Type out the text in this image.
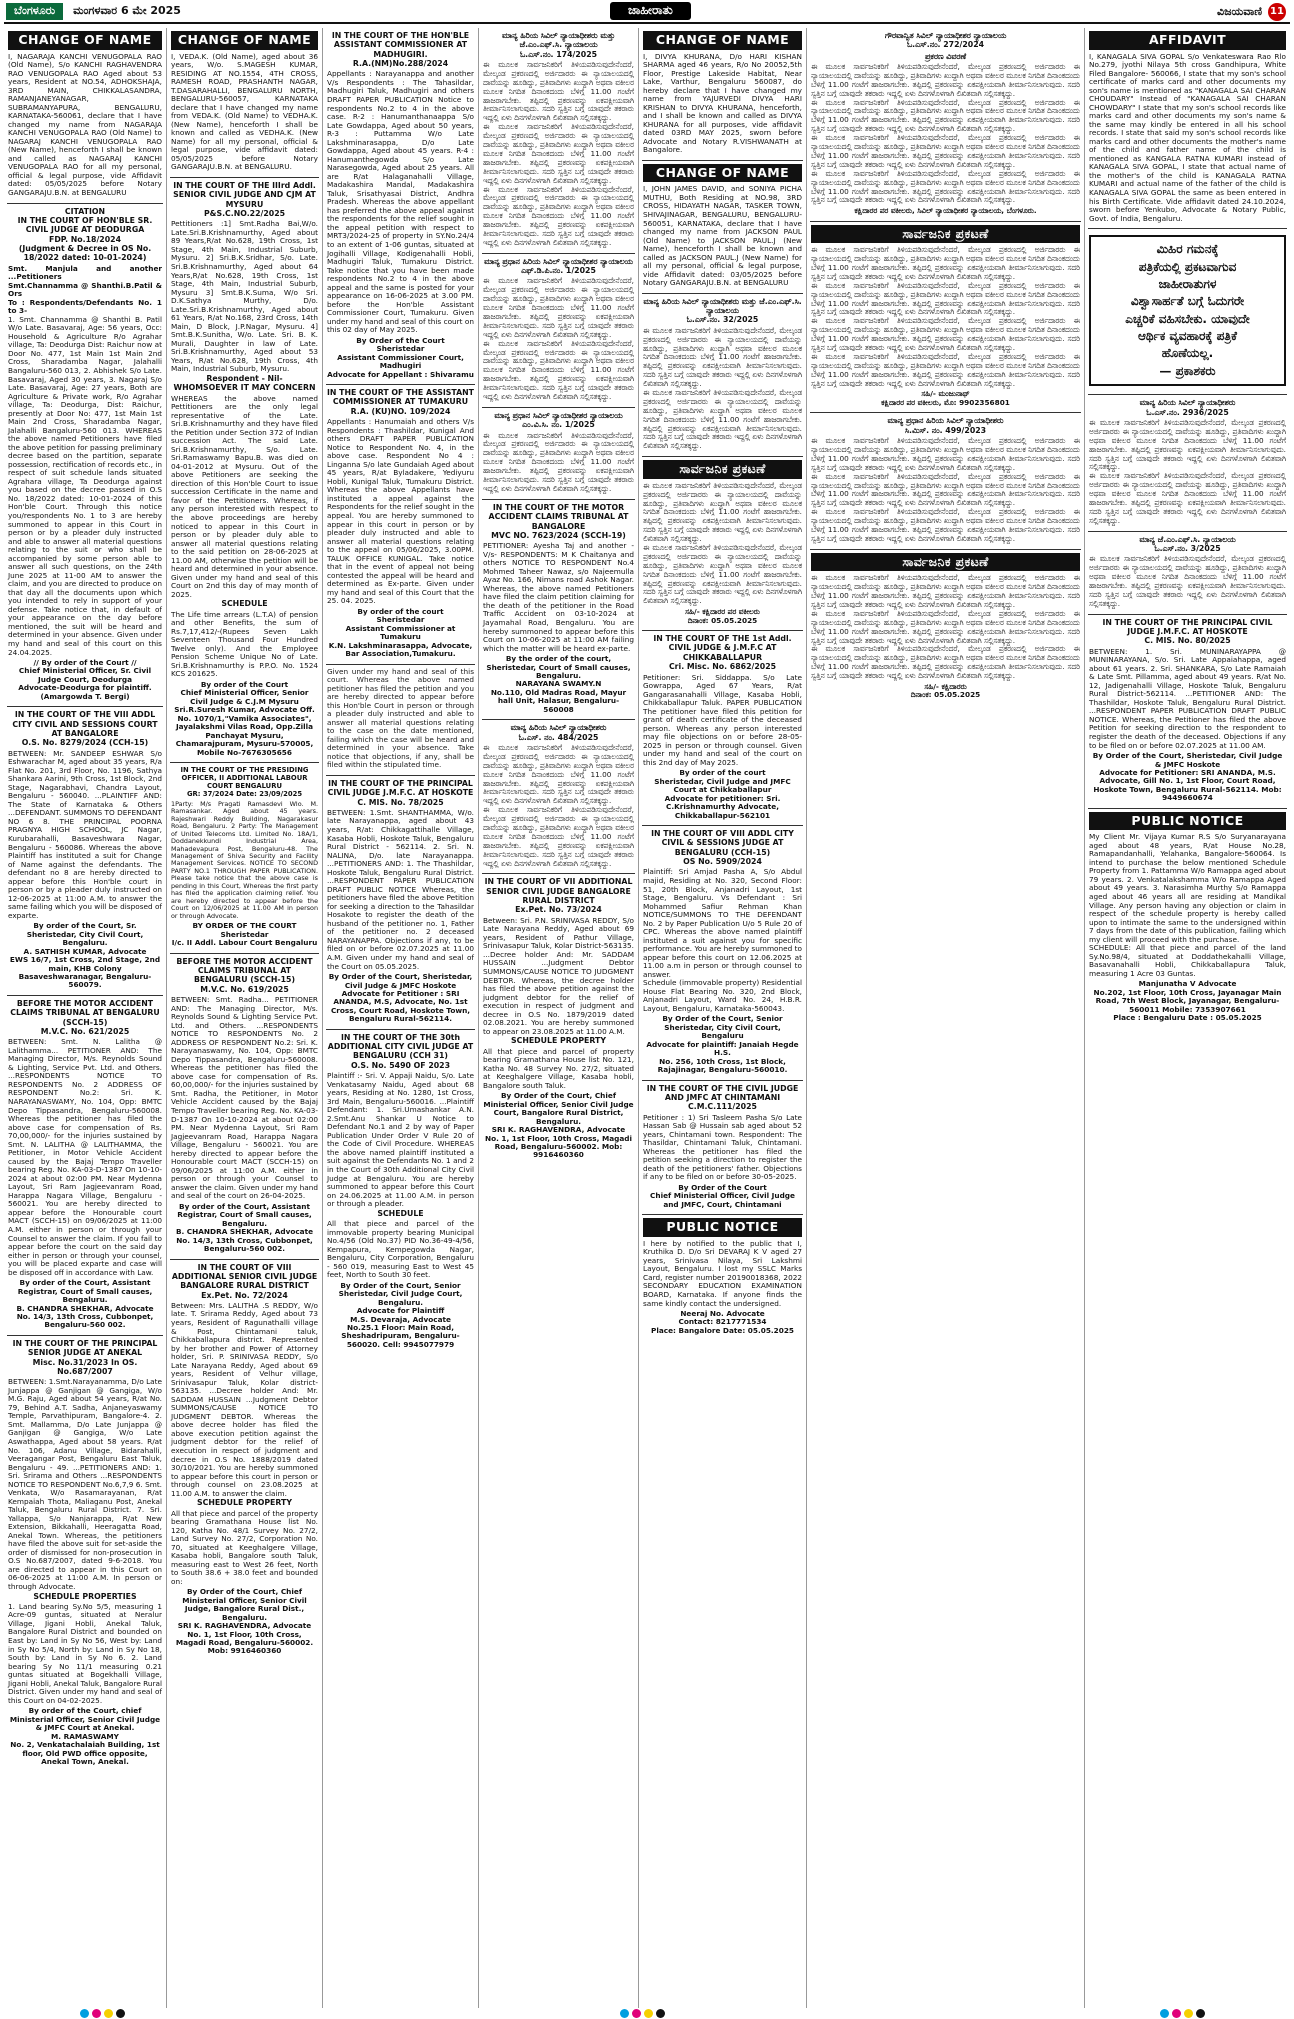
ಬೆಂಗಳೂರು	ಮಂಗಳವಾರ 6 ಮೇ 2025	ಜಾಹೀರಾತು	ವಿಜಯವಾಣಿ 11
CHANGE OF NAME
I, NAGARAJA KANCHI VENUGOPALA RAO (Old Name), S/o KANCHI RAGHAVENDRA RAO VENUGOPALA RAO Aged about 53 years, Resident at NO.54, ADHOKSHAJA, 3RD MAIN, CHIKKALASANDRA, RAMANJANEYANAGAR, SUBRAMANYAPURA, BENGALURU, KARNATAKA-560061, declare that I have changed my name from NAGARAJA KANCHI VENUGOPALA RAO (Old Name) to NAGARAJ KANCHI VENUGOPALA RAO (New Name), henceforth I shall be known and called as NAGARAJ KANCHI VENUGOPALA RAO for all my personal, official & legal purpose, vide Affidavit dated: 05/05/2025 before Notary GANGARAJU.B.N. at BENGALURU
CITATION
IN THE COURT OF HON'BLE SR. CIVIL JUDGE AT DEODURGA
FDP. No.18/2024
(Judgment & Decree in OS No. 18/2022 dated: 10-01-2024)
Smt. Manjula and another ...Petitioners
Smt.Channamma @ Shanthi.B.Patil & Ors
To : Respondents/Defendants No. 1 to 3-
1. Smt. Channamma @ Shanthi B. Patil W/o Late. Basavaraj, Age: 56 years, Occ: Household & Agriculture R/o Agrahar village, Ta: Deodurga Dist: Raichur now at Door No. 477, 1st Main 1st Main 2nd Cross, Sharadamba Nagar, Jalahalli Bangaluru-560 013, 2. Abhishek S/o Late. Basavaraj, Aged 30 years, 3. Nagaraj S/o Late. Basavaraj, Age: 27 years, Both are Agriculture & Private work, R/o Agrahar village, Ta: Deodurga, Dist: Raichur, presently at Door No: 477, 1st Main 1st Main 2nd Cross, Sharadamba Nagar, Jalahalli Bangaluru-560 013. WHEREAS the above named Petitioners have filed the above petition for passing preliminary decree based on the partition, separate possession, rectification of records etc., in respect of suit schedule lands situated Agrahara village, Ta Deodurga against you based on the decree passed in O.S No. 18/2022 dated: 10-01-2024 of this Hon'ble Court. Through this notice you/respondents No. 1 to 3 are hereby summoned to appear in this Court in person or by a pleader duly instructed and able to answer all material questions relating to the suit or who shall be accompanied by some person able to answer all such questions, on the 24th June 2025 at 11-00 AM to answer the claim, and you are directed to produce on that day all the documents upon which you intended to rely in support of your defense. Take notice that, in default of your appearance on the day before mentioned, the suit will be heard and determined in your absence. Given under my hand and seal of this court on this 24.04.2025.
// By order of the Court //
Chief Ministerial Officer, Sr. Civil Judge Court, Deodurga
Advocate-Deodurga for plaintiff.
(Amargowda T. Bergi)
IN THE COURT OF THE VIII ADDL CITY CIVIL AND SESSIONS COURT AT BANGALORE
O.S. No. 8279/2024 (CCH-15)
BETWEEN: Mr. SANDEEP ESHWAR S/o Eshwarachar M, aged about 35 years, R/a Flat No. 201, 3rd Floor, No. 1196, Sathya Shankara Aarini, 9th Cross, 1st Block, 2nd Stage, Nagarabhavi, Chandra Layout, Bengaluru - 560040. ...PLAINTIFF AND: The State of Karnataka & Others ...DEFENDANT. SUMMONS TO DEFENDANT NO 6 8. THE PRINCIPAL POORNA PRAGNYA HIGH SCHOOL, JC Nagar, Kurubarahalli, Basaveshwara Nagar, Bengaluru - 560086. Whereas the above Plaintiff has instituted a suit for Change of Name against the defendants. The defendant no 8 are hereby directed to appear before this Hon'ble court in person or by a pleader duly instructed on 12-06-2025 at 11:00 A.M. to answer the same failing which you will be disposed of exparte.
By order of the Court, Sr. Sheristedar, City Civil Court, Bengaluru.
A. SATHISH KUMAR, Advocate
EWS 16/7, 1st Cross, 2nd Stage, 2nd main, KHB Colony Basaveshwaranagar, Bengaluru-560079.
BEFORE THE MOTOR ACCIDENT CLAIMS TRIBUNAL AT BENGALURU (SCCH-15)
M.V.C. No. 621/2025
BETWEEN: Smt. N. Lalitha @ Lalithamma... PETITIONER AND: The Managing Director, M/s. Reynolds Sound & Lighting, Service Pvt. Ltd. and Others. ...RESPONDENTS NOTICE TO RESPONDENTS No. 2 ADDRESS OF RESPONDENT No.2: Sri. K. NARAYANASWAMY, No. 104, Opp: BMTC Depo Tippasandra, Bengaluru-560008. Whereas the petitioner has filed the above case for compensation of Rs. 70,00,000/- for the injuries sustained by Smt. N. LALITHA @ LALITHAMMA, the Petitioner, in Motor Vehicle Accident caused by the Bajaj Tempo Traveller bearing Reg. No. KA-03-D-1387 On 10-10-2024 at about 02:00 PM. Near Mydenna Layout, Sri Ram Jagjeevanram Road, Harappa Nagara Village, Bengaluru - 560021. You are hereby directed to appear before the Honourable court MACT (SCCH-15) on 09/06/2025 at 11:00 A.M. either in person or through your Counsel to answer the claim. If you fail to appear before the court on the said day either in person or through your counsel, you will be placed exparte and case will be disposed off in accordance with Law.
By order of the Court, Assistant Registrar, Court of Small causes, Bengaluru.
B. CHANDRA SHEKHAR, Advocate
No. 14/3, 13th Cross, Cubbonpet, Bengaluru-560 002.
IN THE COURT OF THE PRINCIPAL SENIOR JUDGE AT ANEKAL
Misc. No.31/2023 In OS. No.687/2007
BETWEEN: 1.Smt.Narayanamma, D/o Late Junjappa @ Ganjigan @ Gangiga, W/o M.G. Raju, Aged about 54 years, R/at No. 79, Behind A.T. Sadha, Anjaneyaswamy Temple, Parvathipuram, Bangalore-4. 2. Smt. Mallamma, D/o Late Junjappa @ Ganjigan @ Gangiga, W/o Late Aswathappa, Aged about 58 years. R/at No. 106, Adanu Village, Bidarahalli, Veeragangar Post, Bengaluru East Taluk, Bengaluru - 49. ...PETITIONERS AND: 1. Sri. Srirama and Others ...RESPONDENTS NOTICE TO RESPONDENT No.6,7,9 6. Smt. Venkata, W/o Rasamarayanan, R/at Kempaiah Thota, Maliaganu Post, Anekal Taluk, Bengaluru Rural District. 7. Sri. Yallappa, S/o Nanjarappa, R/at New Extension, Bikkahalli, Heeragatta Road, Anekal Town. Whereas, the petitioners have filed the above suit for set-aside the order of dismissed for non-prosecution in O.S No.687/2007, dated 9-6-2018. You are directed to appear in this Court on 06-06-2025 at 11:00 A.M. In person or through Advocate.
SCHEDULE PROPERTIES
1. Land bearing Sy.No 5/5, measuring 1 Acre-09 guntas, situated at Neralur Village, Jigani Hobli, Anekal Taluk, Bangalore Rural District and bounded on East by: Land in Sy No 56, West by: Land in Sy No 5/4, North by: Land in Sy No 18, South by: Land in Sy No 6. 2. Land bearing Sy No 11/1 measuring 0.21 guntas situated at Bogekhalli Village, Jigani Hobli, Anekal Taluk, Bangalore Rural District. Given under my hand and seal of this Court on 04-02-2025.
By order of the Court, chief Ministerial Officer, Senior Civil Judge & JMFC Court at Anekal.
M. RAMASWAMY
No. 2, Venkatachalaiah Building, 1st floor, Old PWD office opposite, Anekal Town, Anekal.
CHANGE OF NAME
I, VEDA.K. (Old Name), aged about 36 years, W/o. S.MAGESH KUMAR, RESIDING AT NO.1554, 4TH CROSS, RAMESH ROAD, PRASHANTH NAGAR, T.DASARAHALLI, BENGALURU NORTH, BENGALURU-560057, KARNATAKA declare that I have changed my name from VEDA.K. (Old Name) to VEDHA.K. (New Name), henceforth I shall be known and called as VEDHA.K. (New Name) for all my personal, official & legal purpose, vide affidavit dated: 05/05/2025 before Notary GANGARAJU.B.N. at BENGALURU.
IN THE COURT OF THE IIIrd Addl. SENIOR CIVIL JUDGE AND CJM AT MYSURU
P&S.C.NO.22/2025
Pettitioners :1] Smt.Radha Bai,W/o. Late.Sri.B.Krishnamurthy, Aged about 89 Years,R/at No.628, 19th Cross, 1st Stage, 4th Main, Industrial Suburb, Mysuru. 2] Sri.B.K.Sridhar, S/o. Late. Sri.B.Krishnamurthy, Aged about 64 Years,R/at No.628, 19th Cross, 1st Stage, 4th Main, Industrial Suburb, Mysuru 3] Smt.B.K.Suma, W/o Sri. D.K.Sathya Murthy, D/o. Late.Sri.B.Krishnamurthy, Aged about 61 Years, R/at No.168, 23rd Cross, 14th Main, D Block, J.P.Nagar, Mysuru. 4] Smt.B.K.Sunitha, W/o. Late. Sri. B. K. Murali, Daughter in law of Late. Sri.B.Krishnamurthy, Aged about 53 Years, R/at No.628, 19th Cross, 4th Main, Industrial Suburb, Mysuru.
Respondent - Nil-
WHOMSOEVER IT MAY CONCERN
WHEREAS the above named Pettitioners are the only legal representative of the Late. Sri.B.Krishnamurthy and they have filed the Petition under Section 372 of Indian succession Act. The said Late. Sri.B.Krishnamurthy, S/o. Late. Sri.Ramaswamy Bapu.B. was died on 04-01-2012 at Mysuru. Out of the above Petitioners are seeking the direction of this Hon'ble Court to issue succession Certificate in the name and favor of the Pettitioners. Whereas, if any person interested with respect to the above proceedings are hereby noticed to appear in this Court in person or by pleader duly able to answer all material questions relating to the said petition on 28-06-2025 at 11.00 AM, otherwise the petition will be heard and determined in your absence. Given under my hand and seal of this Court on 2nd this day of may month of 2025.
SCHEDULE
The Life time arrears (L.T.A) of pension and other Benefits, the sum of Rs.7,17,412/-(Rupees Seven Lakh Seventeen Thousand Four Hundred Twelve only). And the Employee Pension Scheme Unique No of Late. Sri.B.Krishnamurthy is P.P.O. No. 1524 KCS 201625.
By order of the Court
Chief Ministerial Officer, Senior Civil Judge & C.J.M Mysuru
Sri.R.Suresh Kumar, Advocate Off. No. 1070/1,"Vamika Associates", Jayalakshmi Vilas Road, Opp.Zilla Panchayat Mysuru, Chamarajpuram, Mysuru-570005, Mobile No-7676305656
IN THE COURT OF THE PRESIDING OFFICER, II ADDITIONAL LABOUR COURT BENGALURU
GR: 37/2024 Date: 23/09/2025
1Party: M/s Pragati Ramasdevi Wlo. M. Ramasankar. Aged about 45 years. Rajeshwari Reddy Building, Nagarakasur Road, Bengaluru. 2 Party: The Management of United Telecoms Ltd. Limited No. 18A/1, Doddanekkundi Industrial Area, Mahadevapura Post, Bengaluru-48. The Management of Shiva Security and Facility Management Services. NOTICE TO SECOND PARTY NO.1 THROUGH PAPER PUBLICATION. Please take notice that the above case is pending in this Court, Whereas the first party has filed the application claiming relief. You are hereby directed to appear before the Court on 12/06/2025 at 11.00 AM in person or through Advocate.
BY ORDER OF THE COURT
Sheristedar
I/c. II Addl. Labour Court Bengaluru
BEFORE THE MOTOR ACCIDENT CLAIMS TRIBUNAL AT BENGALURU (SCCH-15)
M.V.C. No. 619/2025
BETWEEN: Smt. Radha... PETITIONER AND: The Managing Director, M/s. Reynolds Sound & Lighting Service Pvt. Ltd. and Others. ...RESPONDENTS NOTICE TO RESPONDENTS No. 2 ADDRESS OF RESPONDENT No.2: Sri. K. Narayanaswamy, No. 104, Opp: BMTC Depo Tippasandra, Bengaluru-560008. Whereas the petitioner has filed the above case for compensation of Rs. 60,00,000/- for the injuries sustained by Smt. Radha, the Petitioner, in Motor Vehicle Accident caused by the Bajaj Tempo Traveller bearing Reg. No. KA-03-D-1387 On 10-10-2024 at about 02:00 PM. Near Mydenna Layout, Sri Ram Jagjeevanram Road, Harappa Nagara Village, Bengaluru - 560021. You are hereby directed to appear before the Honourable court MACT (SCCH-15) on 09/06/2025 at 11:00 A.M. either in person or through your Counsel to answer the claim. Given under my hand and seal of the court on 26-04-2025.
By order of the Court, Assistant Registrar, Court of Small causes, Bengaluru.
B. CHANDRA SHEKHAR, Advocate
No. 14/3, 13th Cross, Cubbonpet, Bengaluru-560 002.
IN THE COURT OF VIII ADDITIONAL SENIOR CIVIL JUDGE BANGALORE RURAL DISTRICT
Ex.Pet. No. 72/2024
Between: Mrs. LALITHA .S REDDY, W/o late. T. Srirama Reddy, Aged about 73 years, Resident of Ragunathalli village & Post, Chintamani taluk, Chikkaballapura district. Represented by her brother and Power of Attorney holder, Sri. P. SRINIVASA REDDY, S/o Late Narayana Reddy, Aged about 69 years, Resident of Velhur village, Srinivasapur Taluk, Kolar district-563135. ...Decree holder And: Mr. SADDAM HUSSAIN ...Judgment Debtor SUMMONS/CAUSE NOTICE TO JUDGMENT DEBTOR. Whereas the above decree holder has filed the above execution petition against the judgment debtor for the relief of execution in respect of judgment and decree in O.S No. 1888/2019 dated 30/10/2021. You are hereby summoned to appear before this court in person or through counsel on 23.08.2025 at 11.00 A.M. to answer the claim.
SCHEDULE PROPERTY
All that piece and parcel of the property bearing Gramathana House list No. 120, Katha No. 48/1 Survey No. 27/2, Land Survey No. 27/2, Corporation No. 70, situated at Keeghalgere Village, Kasaba hobli, Bangalore south Taluk, measuring east to West 26 feet, North to South 38.6 + 38.0 feet and bounded on:
By Order of the Court, Chief Ministerial Officer, Senior Civil Judge, Bangalore Rural Dist., Bengaluru.
SRI K. RAGHAVENDRA, Advocate
No. 1, 1st Floor, 10th Cross, Magadi Road, Bengaluru-560002. Mob: 9916460360
IN THE COURT OF THE HON'BLE ASSISTANT COMMISSIONER AT MADHUGIRI.
R.A.(NM)No.288/2024
Appellants : Narayanappa and another V/s Respondents : The Tahasildar, Madhugiri Taluk, Madhugiri and others DRAFT PAPER PUBLICATION Notice to respondents No.2 to 4 in the above case. R-2 : Hanumanthanaappa S/o Late Gowdappa, Aged about 50 years, R-3 : Puttamma W/o Late Lakshminarasappa, D/o Late Gowdappa, Aged about 45 years. R-4 : Hanumanthegowda S/o Late Narasegowda, Aged about 25 years. All are R/at Halaganahalli Village, Madakashira Mandal, Madakashira Taluk, Srisathyasai District, Andhra Pradesh. Whereas the above appellant has preferred the above appeal against the respondents for the relief sought in the appeal petition with respect to MRT3/2024-25 of property in SY.No.24/4 to an extent of 1-06 guntas, situated at Jogihalli Village, Kodigenahalli Hobli, Madhugiri Taluk, Tumakuru District. Take notice that you have been made respondents No.2 to 4 in the above appeal and the same is posted for your appearance on 16-06-2025 at 3.00 PM. before the Hon'ble Assistant Commissioner Court, Tumakuru. Given under my hand and seal of this court on this 02 day of May 2025.
By Order of the Court
Sheristedar
Assistant Commissioner Court, Madhugiri
Advocate for Appellant : Shivaramu
IN THE COURT OF THE ASSISTANT COMMISSIONER AT TUMAKURU
R.A. (KU)NO. 109/2024
Appellants : Hanumaiah and others V/s Respondents : Thashildar, Kunigal And others DRAFT PAPER PUBLICATION Notice to Respondent No. 4, in the above case. Respondent No 4 : Linganna S/o late Gundaiah Aged about 45 years, R/at Byladakere, Yediyuru Hobli, Kunigal Taluk, Tumakuru District. Whereas the above Appellants have instituted a appeal against the Respondents for the relief sought in the appeal. You are hereby summoned to appear in this court in person or by pleader duly instructed and able to answer all material questions relating to the appeal on 05/06/2025, 3.00PM. TALUK OFFICE KUNIGAL. Take notice that in the event of appeal not being contested the appeal will be heard and determined as Ex-parte. Given under my hand and seal of this Court that the 25. 04. 2025.
By order of the court
Sheristedar
Assistant Commissioner at Tumakuru
K.N. Lakshminarasappa, Advocate, Bar Association,Tumakuru.
Given under my hand and seal of this court. Whereas the above named petitioner has filed the petition and you are hereby directed to appear before this Hon'ble Court in person or through a pleader duly instructed and able to answer all material questions relating to the case on the date mentioned, failing which the case will be heard and determined in your absence. Take notice that objections, if any, shall be filed within the stipulated time.
IN THE COURT OF THE PRINCIPAL CIVIL JUDGE J.M.F.C. AT HOSKOTE
C. MIS. No. 78/2025
BETWEEN: 1.Smt. SHANTHAMMA, W/o. late Narayanappa, aged about 43 years, R/at: Chikkagattihalle Village, Kasaba Hobli, Hoskote Taluk, Bengaluru Rural District - 562114. 2. Sri. N. NALINA, D/o. late Narayanappa. ...PETITIONERS AND: 1. The Thashildar, Hoskote Taluk, Bengaluru Rural District. ...RESPONDENT PAPER PUBLICATION DRAFT PUBLIC NOTICE Whereas, the petitioners have filed the above Petition for seeking a direction to the Tahasildar Hosakote to register the death of the husband of the petitioner no. 1, Father of the petitioner no. 2 deceased NARAYANAPPA. Objections if any, to be filed on or before 02.07.2025 at 11.00 A.M. Given under my hand and seal of the Court on 05.05.2025.
By Order of the Court, Sheristedar, Civil Judge & JMFC Hoskote
Advocate for Petitioner : SRI ANANDA, M.S, Advocate, No. 1st Cross, Court Road, Hoskote Town, Bengaluru Rural-562114.
IN THE COURT OF THE 30th ADDITIONAL CITY CIVIL JUDGE AT BENGALURU (CCH 31)
O.S. No. 5490 OF 2023
Plaintiff :- Sri. V. Appaji Naidu, S/o. Late Venkatasamy Naidu, Aged about 68 years, Residing at No. 1280, 1st Cross, 3rd Main, Bengaluru-560016. ...Plaintiff Defendant: 1. Sri.Umashankar A.N. 2.Smt.Anu Shankar U Notice to Defendant No.1 and 2 by way of Paper Publication Under Order V Rule 20 of the Code of Civil Procedure. WHEREAS the above named plaintiff instituted a suit against the Defendants No. 1 and 2 in the Court of 30th Additional City Civil Judge at Bengaluru. You are hereby summoned to appear before this Court on 24.06.2025 at 11.00 A.M. in person or through a pleader.
SCHEDULE
All that piece and parcel of the immovable property bearing Municipal No.4/56 (Old No.37) PID No.36-49-4/56, Kempapura, Kempegowda Nagar, Bengaluru, City Corporation, Bengaluru - 560 019, measuring East to West 45 feet, North to South 30 feet.
By Order of the Court, Senior Sheristedar, Civil Judge Court, Bengaluru.
Advocate for Plaintiff
M.S. Devaraja, Advocate
No.25.1 Floor: Main Road, Sheshadripuram, Bengaluru-560020. Cell: 9945077979
ಮಾನ್ಯ ಹಿರಿಯ ಸಿವಿಲ್ ನ್ಯಾಯಾಧೀಶರು ಮತ್ತು ಜೆ.ಎಂ.ಎಫ್.ಸಿ. ನ್ಯಾಯಾಲಯ
ಓ.ಎಸ್.ನಂ. 174/2025
ಈ ಮೂಲಕ ಸಾರ್ವಜನಿಕರಿಗೆ ತಿಳಿಯಪಡಿಸುವುದೇನೆಂದರೆ, ಮೇಲ್ಕಂಡ ಪ್ರಕರಣದಲ್ಲಿ ಅರ್ಜಿದಾರರು ಈ ನ್ಯಾಯಾಲಯದಲ್ಲಿ ದಾವೆಯನ್ನು ಹೂಡಿದ್ದು, ಪ್ರತಿವಾದಿಗಳು ಖುದ್ದಾಗಿ ಅಥವಾ ವಕೀಲರ ಮೂಲಕ ನಿಗದಿತ ದಿನಾಂಕದಂದು ಬೆಳಿಗ್ಗೆ 11.00 ಗಂಟೆಗೆ ಹಾಜರಾಗಬೇಕು. ತಪ್ಪಿದಲ್ಲಿ ಪ್ರಕರಣವನ್ನು ಏಕಪಕ್ಷೀಯವಾಗಿ ತೀರ್ಮಾನಿಸಲಾಗುವುದು. ಸದರಿ ಸ್ವತ್ತಿನ ಬಗ್ಗೆ ಯಾವುದೇ ತಕರಾರು ಇದ್ದಲ್ಲಿ ಏಳು ದಿನಗಳೊಳಗಾಗಿ ಲಿಖಿತವಾಗಿ ಸಲ್ಲಿಸತಕ್ಕದ್ದು.
ಈ ಮೂಲಕ ಸಾರ್ವಜನಿಕರಿಗೆ ತಿಳಿಯಪಡಿಸುವುದೇನೆಂದರೆ, ಮೇಲ್ಕಂಡ ಪ್ರಕರಣದಲ್ಲಿ ಅರ್ಜಿದಾರರು ಈ ನ್ಯಾಯಾಲಯದಲ್ಲಿ ದಾವೆಯನ್ನು ಹೂಡಿದ್ದು, ಪ್ರತಿವಾದಿಗಳು ಖುದ್ದಾಗಿ ಅಥವಾ ವಕೀಲರ ಮೂಲಕ ನಿಗದಿತ ದಿನಾಂಕದಂದು ಬೆಳಿಗ್ಗೆ 11.00 ಗಂಟೆಗೆ ಹಾಜರಾಗಬೇಕು. ತಪ್ಪಿದಲ್ಲಿ ಪ್ರಕರಣವನ್ನು ಏಕಪಕ್ಷೀಯವಾಗಿ ತೀರ್ಮಾನಿಸಲಾಗುವುದು. ಸದರಿ ಸ್ವತ್ತಿನ ಬಗ್ಗೆ ಯಾವುದೇ ತಕರಾರು ಇದ್ದಲ್ಲಿ ಏಳು ದಿನಗಳೊಳಗಾಗಿ ಲಿಖಿತವಾಗಿ ಸಲ್ಲಿಸತಕ್ಕದ್ದು.
ಈ ಮೂಲಕ ಸಾರ್ವಜನಿಕರಿಗೆ ತಿಳಿಯಪಡಿಸುವುದೇನೆಂದರೆ, ಮೇಲ್ಕಂಡ ಪ್ರಕರಣದಲ್ಲಿ ಅರ್ಜಿದಾರರು ಈ ನ್ಯಾಯಾಲಯದಲ್ಲಿ ದಾವೆಯನ್ನು ಹೂಡಿದ್ದು, ಪ್ರತಿವಾದಿಗಳು ಖುದ್ದಾಗಿ ಅಥವಾ ವಕೀಲರ ಮೂಲಕ ನಿಗದಿತ ದಿನಾಂಕದಂದು ಬೆಳಿಗ್ಗೆ 11.00 ಗಂಟೆಗೆ ಹಾಜರಾಗಬೇಕು. ತಪ್ಪಿದಲ್ಲಿ ಪ್ರಕರಣವನ್ನು ಏಕಪಕ್ಷೀಯವಾಗಿ ತೀರ್ಮಾನಿಸಲಾಗುವುದು. ಸದರಿ ಸ್ವತ್ತಿನ ಬಗ್ಗೆ ಯಾವುದೇ ತಕರಾರು ಇದ್ದಲ್ಲಿ ಏಳು ದಿನಗಳೊಳಗಾಗಿ ಲಿಖಿತವಾಗಿ ಸಲ್ಲಿಸತಕ್ಕದ್ದು.
ಮಾನ್ಯ ಪ್ರಧಾನ ಹಿರಿಯ ಸಿವಿಲ್ ನ್ಯಾಯಾಧೀಶರ ನ್ಯಾಯಾಲಯ
ಎಫ್.ಡಿ.ಪಿ.ನಂ. 1/2025
ಈ ಮೂಲಕ ಸಾರ್ವಜನಿಕರಿಗೆ ತಿಳಿಯಪಡಿಸುವುದೇನೆಂದರೆ, ಮೇಲ್ಕಂಡ ಪ್ರಕರಣದಲ್ಲಿ ಅರ್ಜಿದಾರರು ಈ ನ್ಯಾಯಾಲಯದಲ್ಲಿ ದಾವೆಯನ್ನು ಹೂಡಿದ್ದು, ಪ್ರತಿವಾದಿಗಳು ಖುದ್ದಾಗಿ ಅಥವಾ ವಕೀಲರ ಮೂಲಕ ನಿಗದಿತ ದಿನಾಂಕದಂದು ಬೆಳಿಗ್ಗೆ 11.00 ಗಂಟೆಗೆ ಹಾಜರಾಗಬೇಕು. ತಪ್ಪಿದಲ್ಲಿ ಪ್ರಕರಣವನ್ನು ಏಕಪಕ್ಷೀಯವಾಗಿ ತೀರ್ಮಾನಿಸಲಾಗುವುದು. ಸದರಿ ಸ್ವತ್ತಿನ ಬಗ್ಗೆ ಯಾವುದೇ ತಕರಾರು ಇದ್ದಲ್ಲಿ ಏಳು ದಿನಗಳೊಳಗಾಗಿ ಲಿಖಿತವಾಗಿ ಸಲ್ಲಿಸತಕ್ಕದ್ದು.
ಈ ಮೂಲಕ ಸಾರ್ವಜನಿಕರಿಗೆ ತಿಳಿಯಪಡಿಸುವುದೇನೆಂದರೆ, ಮೇಲ್ಕಂಡ ಪ್ರಕರಣದಲ್ಲಿ ಅರ್ಜಿದಾರರು ಈ ನ್ಯಾಯಾಲಯದಲ್ಲಿ ದಾವೆಯನ್ನು ಹೂಡಿದ್ದು, ಪ್ರತಿವಾದಿಗಳು ಖುದ್ದಾಗಿ ಅಥವಾ ವಕೀಲರ ಮೂಲಕ ನಿಗದಿತ ದಿನಾಂಕದಂದು ಬೆಳಿಗ್ಗೆ 11.00 ಗಂಟೆಗೆ ಹಾಜರಾಗಬೇಕು. ತಪ್ಪಿದಲ್ಲಿ ಪ್ರಕರಣವನ್ನು ಏಕಪಕ್ಷೀಯವಾಗಿ ತೀರ್ಮಾನಿಸಲಾಗುವುದು. ಸದರಿ ಸ್ವತ್ತಿನ ಬಗ್ಗೆ ಯಾವುದೇ ತಕರಾರು ಇದ್ದಲ್ಲಿ ಏಳು ದಿನಗಳೊಳಗಾಗಿ ಲಿಖಿತವಾಗಿ ಸಲ್ಲಿಸತಕ್ಕದ್ದು.
ಮಾನ್ಯ ಪ್ರಧಾನ ಸಿವಿಲ್ ನ್ಯಾಯಾಧೀಶರ ನ್ಯಾಯಾಲಯ
ಎಂ.ವಿ.ಸಿ. ನಂ. 1/2025
ಈ ಮೂಲಕ ಸಾರ್ವಜನಿಕರಿಗೆ ತಿಳಿಯಪಡಿಸುವುದೇನೆಂದರೆ, ಮೇಲ್ಕಂಡ ಪ್ರಕರಣದಲ್ಲಿ ಅರ್ಜಿದಾರರು ಈ ನ್ಯಾಯಾಲಯದಲ್ಲಿ ದಾವೆಯನ್ನು ಹೂಡಿದ್ದು, ಪ್ರತಿವಾದಿಗಳು ಖುದ್ದಾಗಿ ಅಥವಾ ವಕೀಲರ ಮೂಲಕ ನಿಗದಿತ ದಿನಾಂಕದಂದು ಬೆಳಿಗ್ಗೆ 11.00 ಗಂಟೆಗೆ ಹಾಜರಾಗಬೇಕು. ತಪ್ಪಿದಲ್ಲಿ ಪ್ರಕರಣವನ್ನು ಏಕಪಕ್ಷೀಯವಾಗಿ ತೀರ್ಮಾನಿಸಲಾಗುವುದು. ಸದರಿ ಸ್ವತ್ತಿನ ಬಗ್ಗೆ ಯಾವುದೇ ತಕರಾರು ಇದ್ದಲ್ಲಿ ಏಳು ದಿನಗಳೊಳಗಾಗಿ ಲಿಖಿತವಾಗಿ ಸಲ್ಲಿಸತಕ್ಕದ್ದು.
IN THE COURT OF THE MOTOR ACCIDENT CLAIMS TRIBUNAL AT BANGALORE
MVC NO. 7623/2024 (SCCH-19)
PETITIONER: Ayesha Taj and another -V/s- RESPONDENTS: M K Chaitanya and others NOTICE TO RESPONDENT No.4 Mohmed Taheer Nawaz, s/o Najeemulla Ayaz No. 166, Nimans road Ashok Nagar. Whereas, the above named Petitioners have filed the claim petition claiming for the death of the petitioner in the Road Traffic Accident on 03-10-2024 at Jayamahal Road, Bengaluru. You are hereby summoned to appear before this Court on 10-06-2025 at 11:00 AM failing which the matter will be heard ex-parte.
By the order of the court, Sheristedar, Court of Small causes, Bengaluru.
NARAYANA SWAMY.N
No.110, Old Madras Road, Mayur hall Unit, Halasur, Bengaluru-560008
ಮಾನ್ಯ ಹಿರಿಯ ಸಿವಿಲ್ ನ್ಯಾಯಾಧೀಶರು
ಓ.ಎಸ್. ನಂ. 484/2025
ಈ ಮೂಲಕ ಸಾರ್ವಜನಿಕರಿಗೆ ತಿಳಿಯಪಡಿಸುವುದೇನೆಂದರೆ, ಮೇಲ್ಕಂಡ ಪ್ರಕರಣದಲ್ಲಿ ಅರ್ಜಿದಾರರು ಈ ನ್ಯಾಯಾಲಯದಲ್ಲಿ ದಾವೆಯನ್ನು ಹೂಡಿದ್ದು, ಪ್ರತಿವಾದಿಗಳು ಖುದ್ದಾಗಿ ಅಥವಾ ವಕೀಲರ ಮೂಲಕ ನಿಗದಿತ ದಿನಾಂಕದಂದು ಬೆಳಿಗ್ಗೆ 11.00 ಗಂಟೆಗೆ ಹಾಜರಾಗಬೇಕು. ತಪ್ಪಿದಲ್ಲಿ ಪ್ರಕರಣವನ್ನು ಏಕಪಕ್ಷೀಯವಾಗಿ ತೀರ್ಮಾನಿಸಲಾಗುವುದು. ಸದರಿ ಸ್ವತ್ತಿನ ಬಗ್ಗೆ ಯಾವುದೇ ತಕರಾರು ಇದ್ದಲ್ಲಿ ಏಳು ದಿನಗಳೊಳಗಾಗಿ ಲಿಖಿತವಾಗಿ ಸಲ್ಲಿಸತಕ್ಕದ್ದು.
ಈ ಮೂಲಕ ಸಾರ್ವಜನಿಕರಿಗೆ ತಿಳಿಯಪಡಿಸುವುದೇನೆಂದರೆ, ಮೇಲ್ಕಂಡ ಪ್ರಕರಣದಲ್ಲಿ ಅರ್ಜಿದಾರರು ಈ ನ್ಯಾಯಾಲಯದಲ್ಲಿ ದಾವೆಯನ್ನು ಹೂಡಿದ್ದು, ಪ್ರತಿವಾದಿಗಳು ಖುದ್ದಾಗಿ ಅಥವಾ ವಕೀಲರ ಮೂಲಕ ನಿಗದಿತ ದಿನಾಂಕದಂದು ಬೆಳಿಗ್ಗೆ 11.00 ಗಂಟೆಗೆ ಹಾಜರಾಗಬೇಕು. ತಪ್ಪಿದಲ್ಲಿ ಪ್ರಕರಣವನ್ನು ಏಕಪಕ್ಷೀಯವಾಗಿ ತೀರ್ಮಾನಿಸಲಾಗುವುದು. ಸದರಿ ಸ್ವತ್ತಿನ ಬಗ್ಗೆ ಯಾವುದೇ ತಕರಾರು ಇದ್ದಲ್ಲಿ ಏಳು ದಿನಗಳೊಳಗಾಗಿ ಲಿಖಿತವಾಗಿ ಸಲ್ಲಿಸತಕ್ಕದ್ದು.
IN THE COURT OF VII ADDITIONAL SENIOR CIVIL JUDGE BANGALORE RURAL DISTRICT
Ex.Pet. No. 73/2024
Between: Sri. P.N. SRINIVASA REDDY, S/o Late Narayana Reddy, Aged about 69 years, Resident of Pathur Village, Srinivasapur Taluk, Kolar District-563135. ...Decree holder And: Mr. SADDAM HUSSAIN ...Judgment Debtor SUMMONS/CAUSE NOTICE TO JUDGMENT DEBTOR. Whereas, the decree holder has filed the above petition against the judgment debtor for the relief of execution in respect of judgment and decree in O.S No. 1879/2019 dated 02.08.2021. You are hereby summoned to appear on 23.08.2025 at 11.00 A.M.
SCHEDULE PROPERTY
All that piece and parcel of property bearing Gramathana House list No. 121, Katha No. 48 Survey No. 27/2, situated at Keeghalgere Village, Kasaba hobli, Bangalore south Taluk.
By Order of the Court, Chief Ministerial Officer, Senior Civil Judge Court, Bangalore Rural District, Bengaluru.
SRI K. RAGHAVENDRA, Advocate
No. 1, 1st Floor, 10th Cross, Magadi Road, Bengaluru-560002. Mob: 9916460360
CHANGE OF NAME
I, DIVYA KHURANA, D/o HARI KISHAN SHARMA aged 46 years, R/o No 20052,5th Floor, Prestige Lakeside Habitat, Near Lake, Varthur, Bengaluru 560087, do hereby declare that I have changed my name from YAJURVEDI DIVYA HARI KRISHAN to DIVYA KHURANA, henceforth, and I shall be known and called as DIVYA KHURANA for all purposes, vide affidavit dated 03RD MAY 2025, sworn before Advocate and Notary R.VISHWANATH at Bangalore.
CHANGE OF NAME
I, JOHN JAMES DAVID, and SONIYA PICHA MUTHU, Both Residing at NO.98, 3RD CROSS, HIDAYATH NAGAR, TASKER TOWN, SHIVAJINAGAR, BENGALURU, BENGALURU-560051, KARNATAKA, declare that I have changed my name from JACKSON PAUL (Old Name) to JACKSON PAUL.J (New Name), henceforth I shall be known and called as JACKSON PAUL.J (New Name) for all my personal, official & legal purpose, vide Affidavit dated: 03/05/2025 before Notary GANGARAJU.B.N. at BENGALURU
ಮಾನ್ಯ ಹಿರಿಯ ಸಿವಿಲ್ ನ್ಯಾಯಾಧೀಶರು ಮತ್ತು ಜೆ.ಎಂ.ಎಫ್.ಸಿ. ನ್ಯಾಯಾಲಯ
ಓ.ಎಸ್.ನಂ. 32/2025
ಈ ಮೂಲಕ ಸಾರ್ವಜನಿಕರಿಗೆ ತಿಳಿಯಪಡಿಸುವುದೇನೆಂದರೆ, ಮೇಲ್ಕಂಡ ಪ್ರಕರಣದಲ್ಲಿ ಅರ್ಜಿದಾರರು ಈ ನ್ಯಾಯಾಲಯದಲ್ಲಿ ದಾವೆಯನ್ನು ಹೂಡಿದ್ದು, ಪ್ರತಿವಾದಿಗಳು ಖುದ್ದಾಗಿ ಅಥವಾ ವಕೀಲರ ಮೂಲಕ ನಿಗದಿತ ದಿನಾಂಕದಂದು ಬೆಳಿಗ್ಗೆ 11.00 ಗಂಟೆಗೆ ಹಾಜರಾಗಬೇಕು. ತಪ್ಪಿದಲ್ಲಿ ಪ್ರಕರಣವನ್ನು ಏಕಪಕ್ಷೀಯವಾಗಿ ತೀರ್ಮಾನಿಸಲಾಗುವುದು. ಸದರಿ ಸ್ವತ್ತಿನ ಬಗ್ಗೆ ಯಾವುದೇ ತಕರಾರು ಇದ್ದಲ್ಲಿ ಏಳು ದಿನಗಳೊಳಗಾಗಿ ಲಿಖಿತವಾಗಿ ಸಲ್ಲಿಸತಕ್ಕದ್ದು.
ಈ ಮೂಲಕ ಸಾರ್ವಜನಿಕರಿಗೆ ತಿಳಿಯಪಡಿಸುವುದೇನೆಂದರೆ, ಮೇಲ್ಕಂಡ ಪ್ರಕರಣದಲ್ಲಿ ಅರ್ಜಿದಾರರು ಈ ನ್ಯಾಯಾಲಯದಲ್ಲಿ ದಾವೆಯನ್ನು ಹೂಡಿದ್ದು, ಪ್ರತಿವಾದಿಗಳು ಖುದ್ದಾಗಿ ಅಥವಾ ವಕೀಲರ ಮೂಲಕ ನಿಗದಿತ ದಿನಾಂಕದಂದು ಬೆಳಿಗ್ಗೆ 11.00 ಗಂಟೆಗೆ ಹಾಜರಾಗಬೇಕು. ತಪ್ಪಿದಲ್ಲಿ ಪ್ರಕರಣವನ್ನು ಏಕಪಕ್ಷೀಯವಾಗಿ ತೀರ್ಮಾನಿಸಲಾಗುವುದು. ಸದರಿ ಸ್ವತ್ತಿನ ಬಗ್ಗೆ ಯಾವುದೇ ತಕರಾರು ಇದ್ದಲ್ಲಿ ಏಳು ದಿನಗಳೊಳಗಾಗಿ ಲಿಖಿತವಾಗಿ ಸಲ್ಲಿಸತಕ್ಕದ್ದು.
ಸಾರ್ವಜನಿಕ ಪ್ರಕಟಣೆ
ಈ ಮೂಲಕ ಸಾರ್ವಜನಿಕರಿಗೆ ತಿಳಿಯಪಡಿಸುವುದೇನೆಂದರೆ, ಮೇಲ್ಕಂಡ ಪ್ರಕರಣದಲ್ಲಿ ಅರ್ಜಿದಾರರು ಈ ನ್ಯಾಯಾಲಯದಲ್ಲಿ ದಾವೆಯನ್ನು ಹೂಡಿದ್ದು, ಪ್ರತಿವಾದಿಗಳು ಖುದ್ದಾಗಿ ಅಥವಾ ವಕೀಲರ ಮೂಲಕ ನಿಗದಿತ ದಿನಾಂಕದಂದು ಬೆಳಿಗ್ಗೆ 11.00 ಗಂಟೆಗೆ ಹಾಜರಾಗಬೇಕು. ತಪ್ಪಿದಲ್ಲಿ ಪ್ರಕರಣವನ್ನು ಏಕಪಕ್ಷೀಯವಾಗಿ ತೀರ್ಮಾನಿಸಲಾಗುವುದು. ಸದರಿ ಸ್ವತ್ತಿನ ಬಗ್ಗೆ ಯಾವುದೇ ತಕರಾರು ಇದ್ದಲ್ಲಿ ಏಳು ದಿನಗಳೊಳಗಾಗಿ ಲಿಖಿತವಾಗಿ ಸಲ್ಲಿಸತಕ್ಕದ್ದು.
ಈ ಮೂಲಕ ಸಾರ್ವಜನಿಕರಿಗೆ ತಿಳಿಯಪಡಿಸುವುದೇನೆಂದರೆ, ಮೇಲ್ಕಂಡ ಪ್ರಕರಣದಲ್ಲಿ ಅರ್ಜಿದಾರರು ಈ ನ್ಯಾಯಾಲಯದಲ್ಲಿ ದಾವೆಯನ್ನು ಹೂಡಿದ್ದು, ಪ್ರತಿವಾದಿಗಳು ಖುದ್ದಾಗಿ ಅಥವಾ ವಕೀಲರ ಮೂಲಕ ನಿಗದಿತ ದಿನಾಂಕದಂದು ಬೆಳಿಗ್ಗೆ 11.00 ಗಂಟೆಗೆ ಹಾಜರಾಗಬೇಕು. ತಪ್ಪಿದಲ್ಲಿ ಪ್ರಕರಣವನ್ನು ಏಕಪಕ್ಷೀಯವಾಗಿ ತೀರ್ಮಾನಿಸಲಾಗುವುದು. ಸದರಿ ಸ್ವತ್ತಿನ ಬಗ್ಗೆ ಯಾವುದೇ ತಕರಾರು ಇದ್ದಲ್ಲಿ ಏಳು ದಿನಗಳೊಳಗಾಗಿ ಲಿಖಿತವಾಗಿ ಸಲ್ಲಿಸತಕ್ಕದ್ದು.
ಸಹಿ/- ಕಕ್ಷಿದಾರರ ಪರ ವಕೀಲರು
ದಿನಾಂಕ: 05.05.2025
IN THE COURT OF THE 1st Addl. CIVIL JUDGE & J.M.F.C AT CHIKKABALLAPUR
Cri. Misc. No. 6862/2025
Petitioner: Sri. Siddappa. S/o Late Gowrappa, Aged 67 Years, R/at Gangarasanahalli Village, Kasaba Hobli, Chikkaballapur Taluk. PAPER PUBLICATION The petitioner have filed this petition for grant of death certificate of the deceased person. Whereas any person interested may file objections on or before 28-05-2025 in person or through counsel. Given under my hand and seal of the court on this 2nd day of May 2025.
By order of the court
Sheristedar, Civil Judge and JMFC Court at Chikkaballapur
Advocate for petitioner: Sri. C.Krishnamurthy Advocate, Chikkaballapur-562101
IN THE COURT OF VIII ADDL CITY CIVIL & SESSIONS JUDGE AT BENGALURU (CCH-15)
OS No. 5909/2024
Plaintiff: Sri Amjad Pasha A, S/o Abdul majid, Residing at No. 320, Second Floor: 51, 20th Block, Anjanadri Layout, 1st Stage, Bengaluru. Vs Defendant : Sri Mohammed Safiur Rehman Khan NOTICE/SUMMONS TO THE DEFENDANT No. 2 by Paper Publication U/o 5 Rule 20 of CPC. Whereas the above named plaintiff instituted a suit against you for specific performance. You are hereby summoned to appear before this court on 12.06.2025 at 11.00 a.m in person or through counsel to answer.
Schedule (immovable property) Residential House Flat Bearing No. 320, 2nd Block, Anjanadri Layout, Ward No. 24, H.B.R. Layout, Bengaluru, Karnataka-560043.
By Order of the Court, Senior Sheristedar, City Civil Court, Bengaluru
Advocate for plaintiff: Janaiah Hegde H.S.
No. 256, 10th Cross, 1st Block, Rajajinagar, Bengaluru-560010.
IN THE COURT OF THE CIVIL JUDGE AND JMFC AT CHINTAMANI
C.M.C.111/2025
Petitioner : 1) Sri Tasleem Pasha S/o Late Hassan Sab @ Hussain sab aged about 52 years, Chintamani town. Respondent: The Thasildar, Chintamani Taluk, Chintamani. Whereas the petitioner has filed the petition seeking a direction to register the death of the petitioners' father. Objections if any to be filed on or before 30-05-2025.
By Order of the Court
Chief Ministerial Officer, Civil Judge and JMFC, Court, Chintamani
PUBLIC NOTICE
I here by notified to the public that I, Kruthika D. D/o Sri DEVARAJ K V aged 27 years, Srinivasa Nilaya, Sri Lakshmi Layout, Bengaluru. I lost my SSLC Marks Card, register number 20190018368, 2022 SECONDARY EDUCATION EXAMINATION BOARD, Karnataka. If anyone finds the same kindly contact the undersigned.
Neeraj No. Advocate
Contact: 8217771534
Place: Bangalore Date: 05.05.2025
ಗೌರವಾನ್ವಿತ ಸಿವಿಲ್ ನ್ಯಾಯಾಧೀಶರ ನ್ಯಾಯಾಲಯ
ಓ.ಎಸ್.ನಂ. 272/2024
ಪ್ರಕರಣ ವಿವರಣೆ
ಈ ಮೂಲಕ ಸಾರ್ವಜನಿಕರಿಗೆ ತಿಳಿಯಪಡಿಸುವುದೇನೆಂದರೆ, ಮೇಲ್ಕಂಡ ಪ್ರಕರಣದಲ್ಲಿ ಅರ್ಜಿದಾರರು ಈ ನ್ಯಾಯಾಲಯದಲ್ಲಿ ದಾವೆಯನ್ನು ಹೂಡಿದ್ದು, ಪ್ರತಿವಾದಿಗಳು ಖುದ್ದಾಗಿ ಅಥವಾ ವಕೀಲರ ಮೂಲಕ ನಿಗದಿತ ದಿನಾಂಕದಂದು ಬೆಳಿಗ್ಗೆ 11.00 ಗಂಟೆಗೆ ಹಾಜರಾಗಬೇಕು. ತಪ್ಪಿದಲ್ಲಿ ಪ್ರಕರಣವನ್ನು ಏಕಪಕ್ಷೀಯವಾಗಿ ತೀರ್ಮಾನಿಸಲಾಗುವುದು. ಸದರಿ ಸ್ವತ್ತಿನ ಬಗ್ಗೆ ಯಾವುದೇ ತಕರಾರು ಇದ್ದಲ್ಲಿ ಏಳು ದಿನಗಳೊಳಗಾಗಿ ಲಿಖಿತವಾಗಿ ಸಲ್ಲಿಸತಕ್ಕದ್ದು.
ಈ ಮೂಲಕ ಸಾರ್ವಜನಿಕರಿಗೆ ತಿಳಿಯಪಡಿಸುವುದೇನೆಂದರೆ, ಮೇಲ್ಕಂಡ ಪ್ರಕರಣದಲ್ಲಿ ಅರ್ಜಿದಾರರು ಈ ನ್ಯಾಯಾಲಯದಲ್ಲಿ ದಾವೆಯನ್ನು ಹೂಡಿದ್ದು, ಪ್ರತಿವಾದಿಗಳು ಖುದ್ದಾಗಿ ಅಥವಾ ವಕೀಲರ ಮೂಲಕ ನಿಗದಿತ ದಿನಾಂಕದಂದು ಬೆಳಿಗ್ಗೆ 11.00 ಗಂಟೆಗೆ ಹಾಜರಾಗಬೇಕು. ತಪ್ಪಿದಲ್ಲಿ ಪ್ರಕರಣವನ್ನು ಏಕಪಕ್ಷೀಯವಾಗಿ ತೀರ್ಮಾನಿಸಲಾಗುವುದು. ಸದರಿ ಸ್ವತ್ತಿನ ಬಗ್ಗೆ ಯಾವುದೇ ತಕರಾರು ಇದ್ದಲ್ಲಿ ಏಳು ದಿನಗಳೊಳಗಾಗಿ ಲಿಖಿತವಾಗಿ ಸಲ್ಲಿಸತಕ್ಕದ್ದು.
ಈ ಮೂಲಕ ಸಾರ್ವಜನಿಕರಿಗೆ ತಿಳಿಯಪಡಿಸುವುದೇನೆಂದರೆ, ಮೇಲ್ಕಂಡ ಪ್ರಕರಣದಲ್ಲಿ ಅರ್ಜಿದಾರರು ಈ ನ್ಯಾಯಾಲಯದಲ್ಲಿ ದಾವೆಯನ್ನು ಹೂಡಿದ್ದು, ಪ್ರತಿವಾದಿಗಳು ಖುದ್ದಾಗಿ ಅಥವಾ ವಕೀಲರ ಮೂಲಕ ನಿಗದಿತ ದಿನಾಂಕದಂದು ಬೆಳಿಗ್ಗೆ 11.00 ಗಂಟೆಗೆ ಹಾಜರಾಗಬೇಕು. ತಪ್ಪಿದಲ್ಲಿ ಪ್ರಕರಣವನ್ನು ಏಕಪಕ್ಷೀಯವಾಗಿ ತೀರ್ಮಾನಿಸಲಾಗುವುದು. ಸದರಿ ಸ್ವತ್ತಿನ ಬಗ್ಗೆ ಯಾವುದೇ ತಕರಾರು ಇದ್ದಲ್ಲಿ ಏಳು ದಿನಗಳೊಳಗಾಗಿ ಲಿಖಿತವಾಗಿ ಸಲ್ಲಿಸತಕ್ಕದ್ದು.
ಈ ಮೂಲಕ ಸಾರ್ವಜನಿಕರಿಗೆ ತಿಳಿಯಪಡಿಸುವುದೇನೆಂದರೆ, ಮೇಲ್ಕಂಡ ಪ್ರಕರಣದಲ್ಲಿ ಅರ್ಜಿದಾರರು ಈ ನ್ಯಾಯಾಲಯದಲ್ಲಿ ದಾವೆಯನ್ನು ಹೂಡಿದ್ದು, ಪ್ರತಿವಾದಿಗಳು ಖುದ್ದಾಗಿ ಅಥವಾ ವಕೀಲರ ಮೂಲಕ ನಿಗದಿತ ದಿನಾಂಕದಂದು ಬೆಳಿಗ್ಗೆ 11.00 ಗಂಟೆಗೆ ಹಾಜರಾಗಬೇಕು. ತಪ್ಪಿದಲ್ಲಿ ಪ್ರಕರಣವನ್ನು ಏಕಪಕ್ಷೀಯವಾಗಿ ತೀರ್ಮಾನಿಸಲಾಗುವುದು. ಸದರಿ ಸ್ವತ್ತಿನ ಬಗ್ಗೆ ಯಾವುದೇ ತಕರಾರು ಇದ್ದಲ್ಲಿ ಏಳು ದಿನಗಳೊಳಗಾಗಿ ಲಿಖಿತವಾಗಿ ಸಲ್ಲಿಸತಕ್ಕದ್ದು.
ಕಕ್ಷಿದಾರರ ಪರ ವಕೀಲರು, ಸಿವಿಲ್ ನ್ಯಾಯಾಧೀಶರ ನ್ಯಾಯಾಲಯ, ಬೆಂಗಳೂರು.
ಸಾರ್ವಜನಿಕ ಪ್ರಕಟಣೆ
ಈ ಮೂಲಕ ಸಾರ್ವಜನಿಕರಿಗೆ ತಿಳಿಯಪಡಿಸುವುದೇನೆಂದರೆ, ಮೇಲ್ಕಂಡ ಪ್ರಕರಣದಲ್ಲಿ ಅರ್ಜಿದಾರರು ಈ ನ್ಯಾಯಾಲಯದಲ್ಲಿ ದಾವೆಯನ್ನು ಹೂಡಿದ್ದು, ಪ್ರತಿವಾದಿಗಳು ಖುದ್ದಾಗಿ ಅಥವಾ ವಕೀಲರ ಮೂಲಕ ನಿಗದಿತ ದಿನಾಂಕದಂದು ಬೆಳಿಗ್ಗೆ 11.00 ಗಂಟೆಗೆ ಹಾಜರಾಗಬೇಕು. ತಪ್ಪಿದಲ್ಲಿ ಪ್ರಕರಣವನ್ನು ಏಕಪಕ್ಷೀಯವಾಗಿ ತೀರ್ಮಾನಿಸಲಾಗುವುದು. ಸದರಿ ಸ್ವತ್ತಿನ ಬಗ್ಗೆ ಯಾವುದೇ ತಕರಾರು ಇದ್ದಲ್ಲಿ ಏಳು ದಿನಗಳೊಳಗಾಗಿ ಲಿಖಿತವಾಗಿ ಸಲ್ಲಿಸತಕ್ಕದ್ದು.
ಈ ಮೂಲಕ ಸಾರ್ವಜನಿಕರಿಗೆ ತಿಳಿಯಪಡಿಸುವುದೇನೆಂದರೆ, ಮೇಲ್ಕಂಡ ಪ್ರಕರಣದಲ್ಲಿ ಅರ್ಜಿದಾರರು ಈ ನ್ಯಾಯಾಲಯದಲ್ಲಿ ದಾವೆಯನ್ನು ಹೂಡಿದ್ದು, ಪ್ರತಿವಾದಿಗಳು ಖುದ್ದಾಗಿ ಅಥವಾ ವಕೀಲರ ಮೂಲಕ ನಿಗದಿತ ದಿನಾಂಕದಂದು ಬೆಳಿಗ್ಗೆ 11.00 ಗಂಟೆಗೆ ಹಾಜರಾಗಬೇಕು. ತಪ್ಪಿದಲ್ಲಿ ಪ್ರಕರಣವನ್ನು ಏಕಪಕ್ಷೀಯವಾಗಿ ತೀರ್ಮಾನಿಸಲಾಗುವುದು. ಸದರಿ ಸ್ವತ್ತಿನ ಬಗ್ಗೆ ಯಾವುದೇ ತಕರಾರು ಇದ್ದಲ್ಲಿ ಏಳು ದಿನಗಳೊಳಗಾಗಿ ಲಿಖಿತವಾಗಿ ಸಲ್ಲಿಸತಕ್ಕದ್ದು.
ಈ ಮೂಲಕ ಸಾರ್ವಜನಿಕರಿಗೆ ತಿಳಿಯಪಡಿಸುವುದೇನೆಂದರೆ, ಮೇಲ್ಕಂಡ ಪ್ರಕರಣದಲ್ಲಿ ಅರ್ಜಿದಾರರು ಈ ನ್ಯಾಯಾಲಯದಲ್ಲಿ ದಾವೆಯನ್ನು ಹೂಡಿದ್ದು, ಪ್ರತಿವಾದಿಗಳು ಖುದ್ದಾಗಿ ಅಥವಾ ವಕೀಲರ ಮೂಲಕ ನಿಗದಿತ ದಿನಾಂಕದಂದು ಬೆಳಿಗ್ಗೆ 11.00 ಗಂಟೆಗೆ ಹಾಜರಾಗಬೇಕು. ತಪ್ಪಿದಲ್ಲಿ ಪ್ರಕರಣವನ್ನು ಏಕಪಕ್ಷೀಯವಾಗಿ ತೀರ್ಮಾನಿಸಲಾಗುವುದು. ಸದರಿ ಸ್ವತ್ತಿನ ಬಗ್ಗೆ ಯಾವುದೇ ತಕರಾರು ಇದ್ದಲ್ಲಿ ಏಳು ದಿನಗಳೊಳಗಾಗಿ ಲಿಖಿತವಾಗಿ ಸಲ್ಲಿಸತಕ್ಕದ್ದು.
ಈ ಮೂಲಕ ಸಾರ್ವಜನಿಕರಿಗೆ ತಿಳಿಯಪಡಿಸುವುದೇನೆಂದರೆ, ಮೇಲ್ಕಂಡ ಪ್ರಕರಣದಲ್ಲಿ ಅರ್ಜಿದಾರರು ಈ ನ್ಯಾಯಾಲಯದಲ್ಲಿ ದಾವೆಯನ್ನು ಹೂಡಿದ್ದು, ಪ್ರತಿವಾದಿಗಳು ಖುದ್ದಾಗಿ ಅಥವಾ ವಕೀಲರ ಮೂಲಕ ನಿಗದಿತ ದಿನಾಂಕದಂದು ಬೆಳಿಗ್ಗೆ 11.00 ಗಂಟೆಗೆ ಹಾಜರಾಗಬೇಕು. ತಪ್ಪಿದಲ್ಲಿ ಪ್ರಕರಣವನ್ನು ಏಕಪಕ್ಷೀಯವಾಗಿ ತೀರ್ಮಾನಿಸಲಾಗುವುದು. ಸದರಿ ಸ್ವತ್ತಿನ ಬಗ್ಗೆ ಯಾವುದೇ ತಕರಾರು ಇದ್ದಲ್ಲಿ ಏಳು ದಿನಗಳೊಳಗಾಗಿ ಲಿಖಿತವಾಗಿ ಸಲ್ಲಿಸತಕ್ಕದ್ದು.
ಸಹಿ/- ಮಂಜುನಾಥ್
ಕಕ್ಷಿದಾರರ ಪರ ವಕೀಲರು, ಮೊ: 9902356801
ಮಾನ್ಯ ಪ್ರಧಾನ ಹಿರಿಯ ಸಿವಿಲ್ ನ್ಯಾಯಾಧೀಶರು
ಸಿ.ಮಿಸ್. ನಂ. 499/2023
ಈ ಮೂಲಕ ಸಾರ್ವಜನಿಕರಿಗೆ ತಿಳಿಯಪಡಿಸುವುದೇನೆಂದರೆ, ಮೇಲ್ಕಂಡ ಪ್ರಕರಣದಲ್ಲಿ ಅರ್ಜಿದಾರರು ಈ ನ್ಯಾಯಾಲಯದಲ್ಲಿ ದಾವೆಯನ್ನು ಹೂಡಿದ್ದು, ಪ್ರತಿವಾದಿಗಳು ಖುದ್ದಾಗಿ ಅಥವಾ ವಕೀಲರ ಮೂಲಕ ನಿಗದಿತ ದಿನಾಂಕದಂದು ಬೆಳಿಗ್ಗೆ 11.00 ಗಂಟೆಗೆ ಹಾಜರಾಗಬೇಕು. ತಪ್ಪಿದಲ್ಲಿ ಪ್ರಕರಣವನ್ನು ಏಕಪಕ್ಷೀಯವಾಗಿ ತೀರ್ಮಾನಿಸಲಾಗುವುದು. ಸದರಿ ಸ್ವತ್ತಿನ ಬಗ್ಗೆ ಯಾವುದೇ ತಕರಾರು ಇದ್ದಲ್ಲಿ ಏಳು ದಿನಗಳೊಳಗಾಗಿ ಲಿಖಿತವಾಗಿ ಸಲ್ಲಿಸತಕ್ಕದ್ದು.
ಈ ಮೂಲಕ ಸಾರ್ವಜನಿಕರಿಗೆ ತಿಳಿಯಪಡಿಸುವುದೇನೆಂದರೆ, ಮೇಲ್ಕಂಡ ಪ್ರಕರಣದಲ್ಲಿ ಅರ್ಜಿದಾರರು ಈ ನ್ಯಾಯಾಲಯದಲ್ಲಿ ದಾವೆಯನ್ನು ಹೂಡಿದ್ದು, ಪ್ರತಿವಾದಿಗಳು ಖುದ್ದಾಗಿ ಅಥವಾ ವಕೀಲರ ಮೂಲಕ ನಿಗದಿತ ದಿನಾಂಕದಂದು ಬೆಳಿಗ್ಗೆ 11.00 ಗಂಟೆಗೆ ಹಾಜರಾಗಬೇಕು. ತಪ್ಪಿದಲ್ಲಿ ಪ್ರಕರಣವನ್ನು ಏಕಪಕ್ಷೀಯವಾಗಿ ತೀರ್ಮಾನಿಸಲಾಗುವುದು. ಸದರಿ ಸ್ವತ್ತಿನ ಬಗ್ಗೆ ಯಾವುದೇ ತಕರಾರು ಇದ್ದಲ್ಲಿ ಏಳು ದಿನಗಳೊಳಗಾಗಿ ಲಿಖಿತವಾಗಿ ಸಲ್ಲಿಸತಕ್ಕದ್ದು.
ಈ ಮೂಲಕ ಸಾರ್ವಜನಿಕರಿಗೆ ತಿಳಿಯಪಡಿಸುವುದೇನೆಂದರೆ, ಮೇಲ್ಕಂಡ ಪ್ರಕರಣದಲ್ಲಿ ಅರ್ಜಿದಾರರು ಈ ನ್ಯಾಯಾಲಯದಲ್ಲಿ ದಾವೆಯನ್ನು ಹೂಡಿದ್ದು, ಪ್ರತಿವಾದಿಗಳು ಖುದ್ದಾಗಿ ಅಥವಾ ವಕೀಲರ ಮೂಲಕ ನಿಗದಿತ ದಿನಾಂಕದಂದು ಬೆಳಿಗ್ಗೆ 11.00 ಗಂಟೆಗೆ ಹಾಜರಾಗಬೇಕು. ತಪ್ಪಿದಲ್ಲಿ ಪ್ರಕರಣವನ್ನು ಏಕಪಕ್ಷೀಯವಾಗಿ ತೀರ್ಮಾನಿಸಲಾಗುವುದು. ಸದರಿ ಸ್ವತ್ತಿನ ಬಗ್ಗೆ ಯಾವುದೇ ತಕರಾರು ಇದ್ದಲ್ಲಿ ಏಳು ದಿನಗಳೊಳಗಾಗಿ ಲಿಖಿತವಾಗಿ ಸಲ್ಲಿಸತಕ್ಕದ್ದು.
ಸಾರ್ವಜನಿಕ ಪ್ರಕಟಣೆ
ಈ ಮೂಲಕ ಸಾರ್ವಜನಿಕರಿಗೆ ತಿಳಿಯಪಡಿಸುವುದೇನೆಂದರೆ, ಮೇಲ್ಕಂಡ ಪ್ರಕರಣದಲ್ಲಿ ಅರ್ಜಿದಾರರು ಈ ನ್ಯಾಯಾಲಯದಲ್ಲಿ ದಾವೆಯನ್ನು ಹೂಡಿದ್ದು, ಪ್ರತಿವಾದಿಗಳು ಖುದ್ದಾಗಿ ಅಥವಾ ವಕೀಲರ ಮೂಲಕ ನಿಗದಿತ ದಿನಾಂಕದಂದು ಬೆಳಿಗ್ಗೆ 11.00 ಗಂಟೆಗೆ ಹಾಜರಾಗಬೇಕು. ತಪ್ಪಿದಲ್ಲಿ ಪ್ರಕರಣವನ್ನು ಏಕಪಕ್ಷೀಯವಾಗಿ ತೀರ್ಮಾನಿಸಲಾಗುವುದು. ಸದರಿ ಸ್ವತ್ತಿನ ಬಗ್ಗೆ ಯಾವುದೇ ತಕರಾರು ಇದ್ದಲ್ಲಿ ಏಳು ದಿನಗಳೊಳಗಾಗಿ ಲಿಖಿತವಾಗಿ ಸಲ್ಲಿಸತಕ್ಕದ್ದು.
ಈ ಮೂಲಕ ಸಾರ್ವಜನಿಕರಿಗೆ ತಿಳಿಯಪಡಿಸುವುದೇನೆಂದರೆ, ಮೇಲ್ಕಂಡ ಪ್ರಕರಣದಲ್ಲಿ ಅರ್ಜಿದಾರರು ಈ ನ್ಯಾಯಾಲಯದಲ್ಲಿ ದಾವೆಯನ್ನು ಹೂಡಿದ್ದು, ಪ್ರತಿವಾದಿಗಳು ಖುದ್ದಾಗಿ ಅಥವಾ ವಕೀಲರ ಮೂಲಕ ನಿಗದಿತ ದಿನಾಂಕದಂದು ಬೆಳಿಗ್ಗೆ 11.00 ಗಂಟೆಗೆ ಹಾಜರಾಗಬೇಕು. ತಪ್ಪಿದಲ್ಲಿ ಪ್ರಕರಣವನ್ನು ಏಕಪಕ್ಷೀಯವಾಗಿ ತೀರ್ಮಾನಿಸಲಾಗುವುದು. ಸದರಿ ಸ್ವತ್ತಿನ ಬಗ್ಗೆ ಯಾವುದೇ ತಕರಾರು ಇದ್ದಲ್ಲಿ ಏಳು ದಿನಗಳೊಳಗಾಗಿ ಲಿಖಿತವಾಗಿ ಸಲ್ಲಿಸತಕ್ಕದ್ದು.
ಈ ಮೂಲಕ ಸಾರ್ವಜನಿಕರಿಗೆ ತಿಳಿಯಪಡಿಸುವುದೇನೆಂದರೆ, ಮೇಲ್ಕಂಡ ಪ್ರಕರಣದಲ್ಲಿ ಅರ್ಜಿದಾರರು ಈ ನ್ಯಾಯಾಲಯದಲ್ಲಿ ದಾವೆಯನ್ನು ಹೂಡಿದ್ದು, ಪ್ರತಿವಾದಿಗಳು ಖುದ್ದಾಗಿ ಅಥವಾ ವಕೀಲರ ಮೂಲಕ ನಿಗದಿತ ದಿನಾಂಕದಂದು ಬೆಳಿಗ್ಗೆ 11.00 ಗಂಟೆಗೆ ಹಾಜರಾಗಬೇಕು. ತಪ್ಪಿದಲ್ಲಿ ಪ್ರಕರಣವನ್ನು ಏಕಪಕ್ಷೀಯವಾಗಿ ತೀರ್ಮಾನಿಸಲಾಗುವುದು. ಸದರಿ ಸ್ವತ್ತಿನ ಬಗ್ಗೆ ಯಾವುದೇ ತಕರಾರು ಇದ್ದಲ್ಲಿ ಏಳು ದಿನಗಳೊಳಗಾಗಿ ಲಿಖಿತವಾಗಿ ಸಲ್ಲಿಸತಕ್ಕದ್ದು.
ಸಹಿ/- ಕಕ್ಷಿದಾರರು
ದಿನಾಂಕ: 05.05.2025
AFFIDAVIT
I, KANAGALA SIVA GOPAL S/o Venkateswara Rao Rlo No.279, jyothi Nilaya 5th cross Gandhipura, White Filed Bangalore- 560066, I state that my son's school certificate of marks card and other documents my son's name is mentioned as "KANAGALA SAI CHARAN CHOUDARY" Instead of "KANAGALA SAI CHARAN CHOWDARY" I state that my son's school records like marks card and other documents my son's name & the same may kindly be entered in all his school records. I state that said my son's school records like marks card and other documents the mother's name of the child and father name of the child is mentioned as KANGALA RATNA KUMARI instead of KANAGALA SIVA GOPAL, I state that actual name of the mother's of the child is KANAGALA RATNA KUMARI and actual name of the father of the child is KANAGALA SIVA GOPAL the same as been entered in his Birth Certificate. Vide affidavit dated 24.10.2024, sworn before Yenkubo, Advocate & Notary Public, Govt. of India, Bengaluru.
ಮಿಹಿರ ಗಮನಕ್ಕೆ
ಪತ್ರಿಕೆಯಲ್ಲಿ ಪ್ರಕಟವಾಗುವ
ಜಾಹೀರಾತುಗಳ
ವಿಶ್ವಾಸಾರ್ಹತೆ ಬಗ್ಗೆ ಓದುಗರೇ
ಎಚ್ಚರಿಕೆ ವಹಿಸಬೇಕು. ಯಾವುದೇ
ಆರ್ಥಿಕ ವ್ಯವಹಾರಕ್ಕೆ ಪತ್ರಿಕೆ
ಹೊಣೆಯಲ್ಲ.
— ಪ್ರಕಾಶಕರು
ಮಾನ್ಯ ಹಿರಿಯ ಸಿವಿಲ್ ನ್ಯಾಯಾಧೀಶರು
ಓ.ಎಸ್.ನಂ. 2936/2025
ಈ ಮೂಲಕ ಸಾರ್ವಜನಿಕರಿಗೆ ತಿಳಿಯಪಡಿಸುವುದೇನೆಂದರೆ, ಮೇಲ್ಕಂಡ ಪ್ರಕರಣದಲ್ಲಿ ಅರ್ಜಿದಾರರು ಈ ನ್ಯಾಯಾಲಯದಲ್ಲಿ ದಾವೆಯನ್ನು ಹೂಡಿದ್ದು, ಪ್ರತಿವಾದಿಗಳು ಖುದ್ದಾಗಿ ಅಥವಾ ವಕೀಲರ ಮೂಲಕ ನಿಗದಿತ ದಿನಾಂಕದಂದು ಬೆಳಿಗ್ಗೆ 11.00 ಗಂಟೆಗೆ ಹಾಜರಾಗಬೇಕು. ತಪ್ಪಿದಲ್ಲಿ ಪ್ರಕರಣವನ್ನು ಏಕಪಕ್ಷೀಯವಾಗಿ ತೀರ್ಮಾನಿಸಲಾಗುವುದು. ಸದರಿ ಸ್ವತ್ತಿನ ಬಗ್ಗೆ ಯಾವುದೇ ತಕರಾರು ಇದ್ದಲ್ಲಿ ಏಳು ದಿನಗಳೊಳಗಾಗಿ ಲಿಖಿತವಾಗಿ ಸಲ್ಲಿಸತಕ್ಕದ್ದು.
ಈ ಮೂಲಕ ಸಾರ್ವಜನಿಕರಿಗೆ ತಿಳಿಯಪಡಿಸುವುದೇನೆಂದರೆ, ಮೇಲ್ಕಂಡ ಪ್ರಕರಣದಲ್ಲಿ ಅರ್ಜಿದಾರರು ಈ ನ್ಯಾಯಾಲಯದಲ್ಲಿ ದಾವೆಯನ್ನು ಹೂಡಿದ್ದು, ಪ್ರತಿವಾದಿಗಳು ಖುದ್ದಾಗಿ ಅಥವಾ ವಕೀಲರ ಮೂಲಕ ನಿಗದಿತ ದಿನಾಂಕದಂದು ಬೆಳಿಗ್ಗೆ 11.00 ಗಂಟೆಗೆ ಹಾಜರಾಗಬೇಕು. ತಪ್ಪಿದಲ್ಲಿ ಪ್ರಕರಣವನ್ನು ಏಕಪಕ್ಷೀಯವಾಗಿ ತೀರ್ಮಾನಿಸಲಾಗುವುದು. ಸದರಿ ಸ್ವತ್ತಿನ ಬಗ್ಗೆ ಯಾವುದೇ ತಕರಾರು ಇದ್ದಲ್ಲಿ ಏಳು ದಿನಗಳೊಳಗಾಗಿ ಲಿಖಿತವಾಗಿ ಸಲ್ಲಿಸತಕ್ಕದ್ದು.
ಮಾನ್ಯ ಜೆ.ಎಂ.ಎಫ್.ಸಿ. ನ್ಯಾಯಾಲಯ
ಓ.ಎಸ್.ನಂ. 3/2025
ಈ ಮೂಲಕ ಸಾರ್ವಜನಿಕರಿಗೆ ತಿಳಿಯಪಡಿಸುವುದೇನೆಂದರೆ, ಮೇಲ್ಕಂಡ ಪ್ರಕರಣದಲ್ಲಿ ಅರ್ಜಿದಾರರು ಈ ನ್ಯಾಯಾಲಯದಲ್ಲಿ ದಾವೆಯನ್ನು ಹೂಡಿದ್ದು, ಪ್ರತಿವಾದಿಗಳು ಖುದ್ದಾಗಿ ಅಥವಾ ವಕೀಲರ ಮೂಲಕ ನಿಗದಿತ ದಿನಾಂಕದಂದು ಬೆಳಿಗ್ಗೆ 11.00 ಗಂಟೆಗೆ ಹಾಜರಾಗಬೇಕು. ತಪ್ಪಿದಲ್ಲಿ ಪ್ರಕರಣವನ್ನು ಏಕಪಕ್ಷೀಯವಾಗಿ ತೀರ್ಮಾನಿಸಲಾಗುವುದು. ಸದರಿ ಸ್ವತ್ತಿನ ಬಗ್ಗೆ ಯಾವುದೇ ತಕರಾರು ಇದ್ದಲ್ಲಿ ಏಳು ದಿನಗಳೊಳಗಾಗಿ ಲಿಖಿತವಾಗಿ ಸಲ್ಲಿಸತಕ್ಕದ್ದು.
IN THE COURT OF THE PRINCIPAL CIVIL JUDGE J.M.F.C. AT HOSKOTE
C. MIS. No. 80/2025
BETWEEN: 1. Sri. MUNINARAYAPPA @ MUNINARAYANA, S/o. Sri. Late Appaiahappa, aged about 61 years. 2. Sri. SHANKARA, S/o Late Ramaiah & Late Smt. Pillamma, aged about 49 years. R/at No. 12, Jadigenahalli Village, Hoskote Taluk, Bengaluru Rural District-562114. ...PETITIONER AND: The Thashildar, Hoskote Taluk, Bengaluru Rural District. ...RESPONDENT PAPER PUBLICATION DRAFT PUBLIC NOTICE. Whereas, the Petitioner has filed the above Petition for seeking direction to the respondent to register the death of the deceased. Objections if any to be filed on or before 02.07.2025 at 11.00 AM.
By Order of the Court, Sheristedar, Civil Judge & JMFC Hoskote
Advocate for Petitioner: SRI ANANDA, M.S. Advocate, Gill No. 1, 1st Floor, Court Road, Hoskote Town, Bengaluru Rural-562114. Mob: 9449660674
PUBLIC NOTICE
My Client Mr. Vijaya Kumar R.S S/o Suryanarayana aged about 48 years, R/at House No.28, Ramapandanhalli, Yelahanka, Bangalore-560064. Is intend to purchase the below mentioned Schedule Property from 1. Pattamma W/o Ramappa aged about 79 years. 2. Venkatalakshamma W/o Ramappa Aged about 49 years. 3. Narasimha Murthy S/o Ramappa aged about 46 years all are residing at Mandikal Village. Any person having any objection or claim in respect of the schedule property is hereby called upon to intimate the same to the undersigned within 7 days from the date of this publication, failing which my client will proceed with the purchase.
SCHEDULE: All that piece and parcel of the land Sy.No.98/4, situated at Doddathekahalli Village, Basavanahalli Hobli, Chikkaballapura Taluk, measuring 1 Acre 03 Guntas.
Manjunatha V Advocate
No.202, 1st Floor, 10th Cross, Jayanagar Main Road, 7th West Block, Jayanagar, Bengaluru-560011 Mobile: 7353907661
Place : Bengaluru Date : 05.05.2025
